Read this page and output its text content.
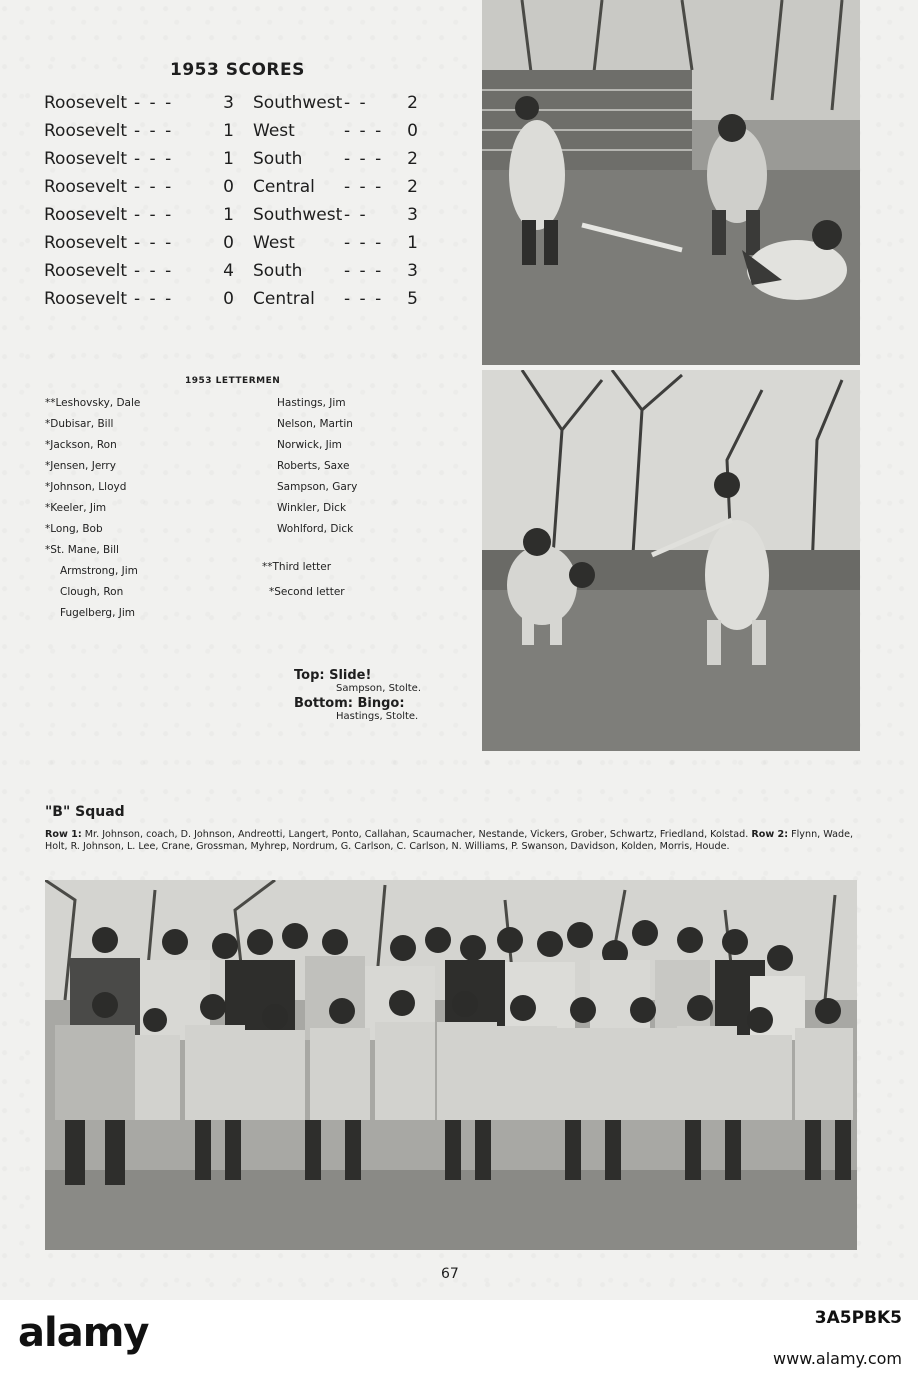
1953 SCORES
Roosevelt - - -	3 Southwest - -	2
Roosevelt - - -	1 West	- - -	0
Roosevelt - - -	1 South - - -	2
Roosevelt - - -	0 Central - - -	2
Roosevelt - - -	1 Southwest - -	3
Roosevelt - - -	0 West	- - -	1
Roosevelt - - -	4 South - - -	3
Roosevelt - - -	0 Central - - -	5
1953 LETTERMEN
**Leshovsky, Dale
*Dubisar, Bill
*Jackson, Ron
*Jensen, Jerry
*Johnson, Lloyd
*Keeler, Jim
*Long, Bob
*St. Mane, Bill
Armstrong, Jim
Clough, Ron
Fugelberg, Jim
Hastings, Jim
Nelson, Martin
Norwick, Jim
Roberts, Saxe
Sampson, Gary
Winkler, Dick
Wohlford, Dick
**Third letter
*Second letter
Top: Slide!
Sampson, Stolte.
Bottom: Bingo:
Hastings, Stolte.
"B" Squad
Row 1: Mr. Johnson, coach, D. Johnson, Andreotti, Langert, Ponto, Callahan, Scaumacher, Nestande, Vickers, Grober, Schwartz, Friedland, Kolstad. Row 2: Flynn, Wade, Holt, R. Johnson, L. Lee, Crane, Grossman, Myhrep, Nordrum, G. Carlson, C. Carlson, N. Williams, P. Swanson, Davidson, Kolden, Morris, Houde.
67
alamy	3A5PBK5
www.alamy.com
